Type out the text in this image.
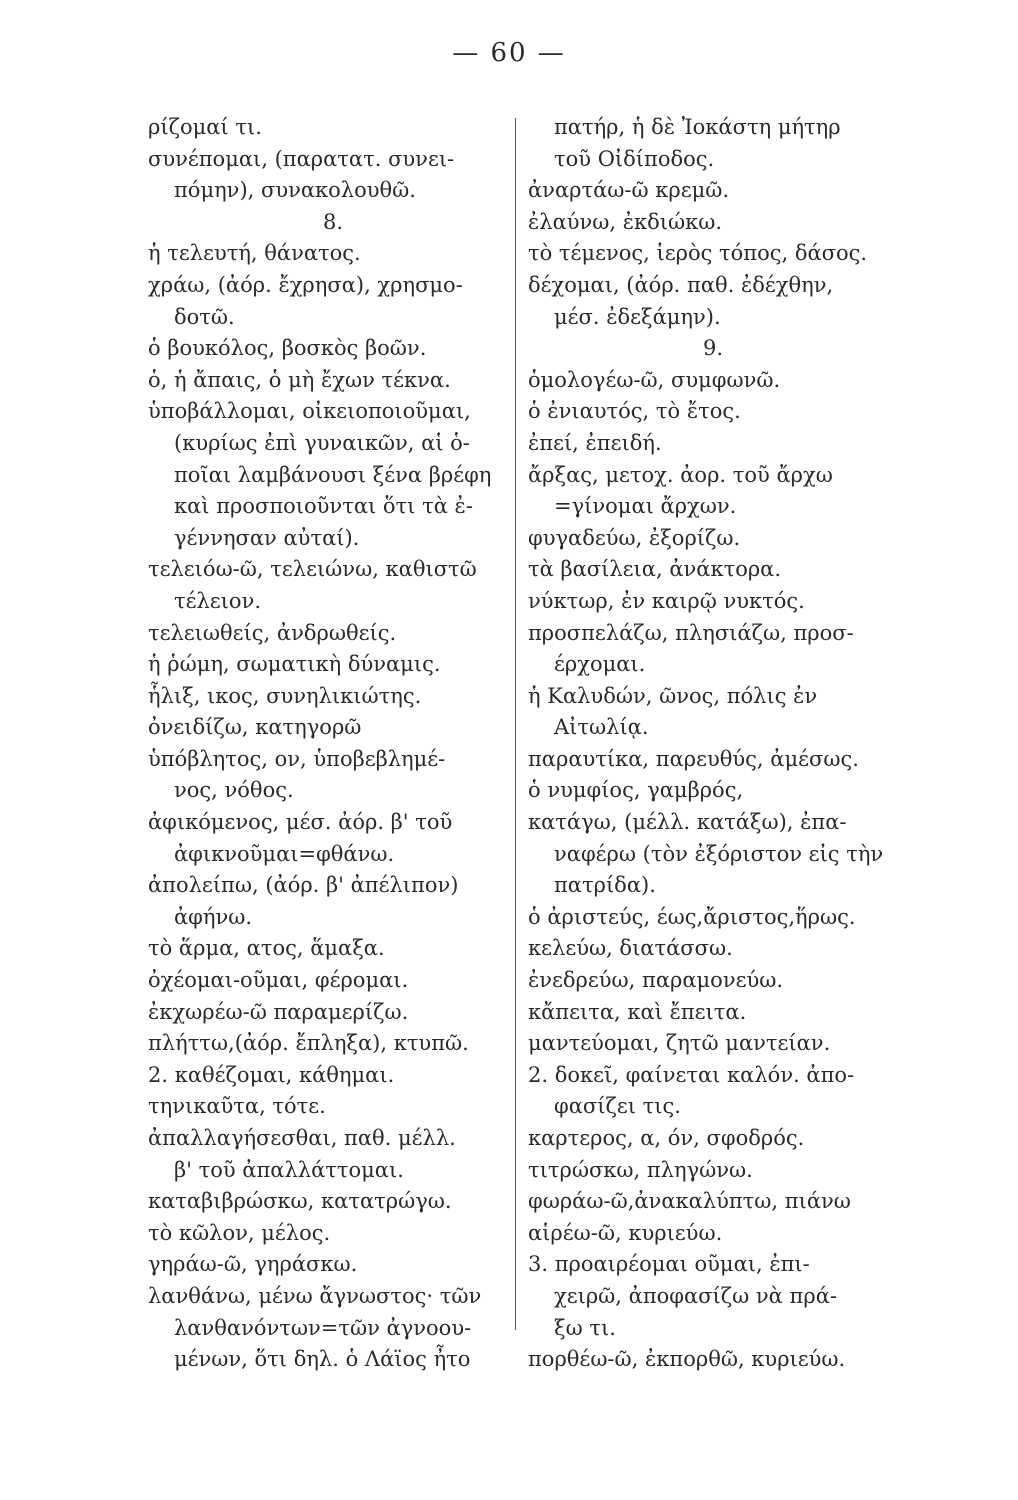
— 60 —
ρίζομαί τι.
συνέπομαι, (παρατατ. συνει-
πόμην), συνακολουθῶ.
8.
ἡ τελευτή, θάνατος.
χράω, (ἀόρ. ἔχρησα), χρησμο-
δοτῶ.
ὁ βουκόλος, βοσκὸς βοῶν.
ὁ, ἡ ἄπαις, ὁ μὴ ἔχων τέκνα.
ὑποβάλλομαι, οἰκειοποιοῦμαι,
(κυρίως ἐπὶ γυναικῶν, αἱ ὁ-
ποῖαι λαμβάνουσι ξένα βρέφη
καὶ προσποιοῦνται ὅτι τὰ ἐ-
γέννησαν αὐταί).
τελειόω-ῶ, τελειώνω, καθιστῶ
τέλειον.
τελειωθείς, ἀνδρωθείς.
ἡ ῥώμη, σωματικὴ δύναμις.
ἧλιξ, ικος, συνηλικιώτης.
ὀνειδίζω, κατηγορῶ
ὑπόβλητος, ον, ὑποβεβλημέ-
νος, νόθος.
ἀφικόμενος, μέσ. ἀόρ. β' τοῦ
ἀφικνοῦμαι=φθάνω.
ἀπολείπω, (ἀόρ. β' ἀπέλιπον)
ἀφήνω.
τὸ ἅρμα, ατος, ἅμαξα.
ὀχέομαι-οῦμαι, φέρομαι.
ἐκχωρέω-ῶ παραμερίζω.
πλήττω,(ἀόρ. ἔπληξα), κτυπῶ.
2. καθέζομαι, κάθημαι.
τηνικαῦτα, τότε.
ἀπαλλαγήσεσθαι, παθ. μέλλ.
β' τοῦ ἀπαλλάττομαι.
καταβιβρώσκω, κατατρώγω.
τὸ κῶλον, μέλος.
γηράω-ῶ, γηράσκω.
λανθάνω, μένω ἄγνωστος· τῶν
λανθανόντων=τῶν ἀγνοου-
μένων, ὅτι δηλ. ὁ Λάϊος ἦτο
πατήρ, ἡ δὲ Ἰοκάστη μήτηρ
τοῦ Οἰδίποδος.
ἀναρτάω-ῶ κρεμῶ.
ἐλαύνω, ἐκδιώκω.
τὸ τέμενος, ἱερὸς τόπος, δάσος.
δέχομαι, (ἀόρ. παθ. ἐδέχθην,
μέσ. ἐδεξάμην).
9.
ὁμολογέω-ῶ, συμφωνῶ.
ὁ ἐνιαυτός, τὸ ἔτος.
ἐπεί, ἐπειδή.
ἄρξας, μετοχ. ἀορ. τοῦ ἄρχω
=γίνομαι ἄρχων.
φυγαδεύω, ἐξορίζω.
τὰ βασίλεια, ἀνάκτορα.
νύκτωρ, ἐν καιρῷ νυκτός.
προσπελάζω, πλησιάζω, προσ-
έρχομαι.
ἡ Καλυδών, ῶνος, πόλις ἐν
Αἰτωλίᾳ.
παραυτίκα, παρευθύς, ἀμέσως.
ὁ νυμφίος, γαμβρός,
κατάγω, (μέλλ. κατάξω), ἐπα-
ναφέρω (τὸν ἐξόριστον εἰς τὴν
πατρίδα).
ὁ ἀριστεύς, έως,ἄριστος,ἥρως.
κελεύω, διατάσσω.
ἐνεδρεύω, παραμονεύω.
κἄπειτα, καὶ ἔπειτα.
μαντεύομαι, ζητῶ μαντείαν.
2. δοκεῖ, φαίνεται καλόν. ἀπο-
φασίζει τις.
καρτερος, α, όν, σφοδρός.
τιτρώσκω, πληγώνω.
φωράω-ῶ,ἀνακαλύπτω, πιάνω
αἱρέω-ῶ, κυριεύω.
3. προαιρέομαι οῦμαι, ἐπι-
χειρῶ, ἀποφασίζω νὰ πρά-
ξω τι.
πορθέω-ῶ, ἐκπορθῶ, κυριεύω.
